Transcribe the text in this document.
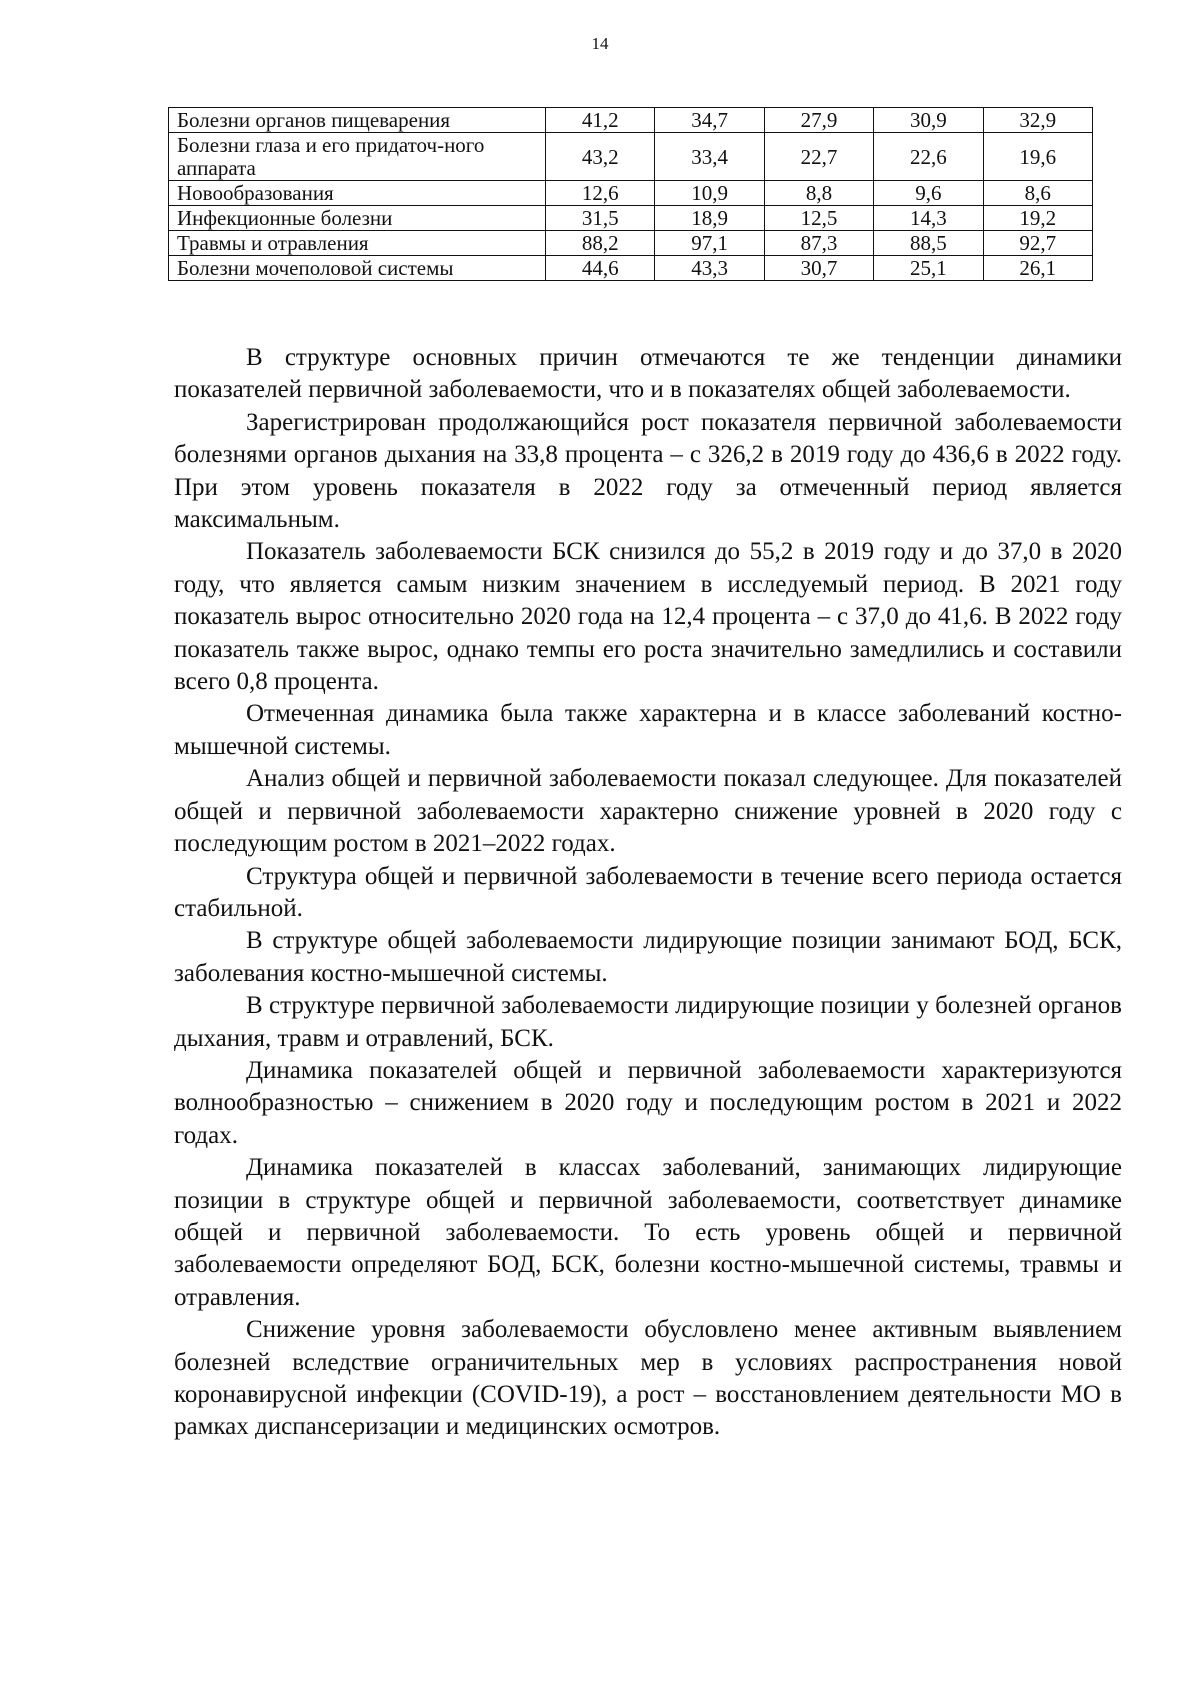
14
Болезни органов пищеварения	41,2	34,7	27,9	30,9	32,9
Болезни глаза и его придаточ-ного аппарата	43,2	33,4	22,7	22,6	19,6
Новообразования	12,6	10,9	8,8	9,6	8,6
Инфекционные болезни	31,5	18,9	12,5	14,3	19,2
Травмы и отравления	88,2	97,1	87,3	88,5	92,7
Болезни мочеполовой системы	44,6	43,3	30,7	25,1	26,1

В структуре основных причин отмечаются те же тенденции динамики показателей первичной заболеваемости, что и в показателях общей заболеваемости.

Зарегистрирован продолжающийся рост показателя первичной заболеваемости болезнями органов дыхания на 33,8 процента – с 326,2 в 2019 году до 436,6 в 2022 году. При этом уровень показателя в 2022 году за отмеченный период является максимальным.

Показатель заболеваемости БСК снизился до 55,2 в 2019 году и до 37,0 в 2020 году, что является самым низким значением в исследуемый период. В 2021 году показатель вырос относительно 2020 года на 12,4 процента – с 37,0 до 41,6. В 2022 году показатель также вырос, однако темпы его роста значительно замедлились и составили всего 0,8 процента.

Отмеченная динамика была также характерна и в классе заболеваний костно-мышечной системы.

Анализ общей и первичной заболеваемости показал следующее. Для показателей общей и первичной заболеваемости характерно снижение уровней в 2020 году с последующим ростом в 2021–2022 годах.

Структура общей и первичной заболеваемости в течение всего периода остается стабильной.

В структуре общей заболеваемости лидирующие позиции занимают БОД, БСК, заболевания костно-мышечной системы.

В структуре первичной заболеваемости лидирующие позиции у болезней органов дыхания, травм и отравлений, БСК.

Динамика показателей общей и первичной заболеваемости характеризуются волнообразностью – снижением в 2020 году и последующим ростом в 2021 и 2022 годах.

Динамика показателей в классах заболеваний, занимающих лидирующие позиции в структуре общей и первичной заболеваемости, соответствует динамике общей и первичной заболеваемости. То есть уровень общей и первичной заболеваемости определяют БОД, БСК, болезни костно-мышечной системы, травмы и отравления.

Снижение уровня заболеваемости обусловлено менее активным выявлением болезней вследствие ограничительных мер в условиях распространения новой коронавирусной инфекции (COVID-19), а рост – восстановлением деятельности МО в рамках диспансеризации и медицинских осмотров.
